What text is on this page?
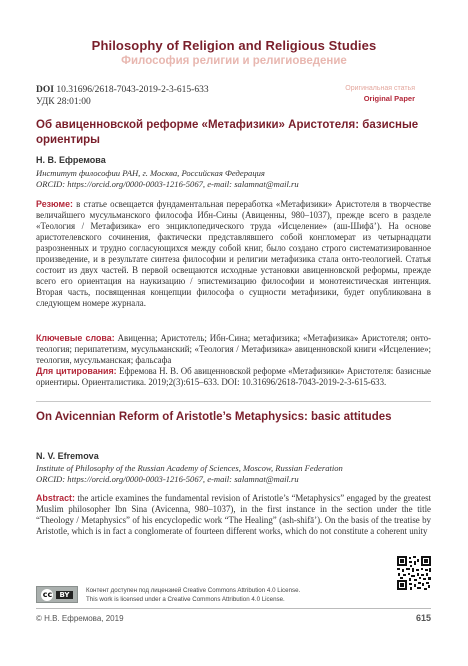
Philosophy of Religion and Religious Studies
Философия религии и религиоведение
DOI 10.31696/2618-7043-2019-2-3-615-633
УДК 28:01:00
Оригинальная статья
Original Paper
Об авиценновской реформе «Метафизики» Аристотеля: базисные ориентиры
Н. В. Ефремова
Институт философии РАН, г. Москва, Российская Федерация
ORCID: https://orcid.org/0000-0003-1216-5067, e-mail: salamnat@mail.ru
Резюме: в статье освещается фундаментальная переработка «Метафизики» Аристотеля в творчестве величайшего мусульманского философа Ибн-Сины (Авиценны, 980–1037), прежде всего в разделе «Теология / Метафизика» его энциклопедического труда «Исцеление» (аш-Шифā’). На основе аристотелевского сочинения, фактически представлявшего собой конгломерат из четырнадцати разрозненных и трудно согласующихся между собой книг, было создано строго систематизированное произведение, и в результате синтеза философии и религии метафизика стала онто-теологией. Статья состоит из двух частей. В первой освещаются исходные установки авиценновской реформы, прежде всего его ориентация на наукизацию / эпистемизацию философии и монотеистическая интенция. Вторая часть, посвященная концепции философа о сущности метафизики, будет опубликована в следующем номере журнала.
Ключевые слова: Авиценна; Аристотель; Ибн-Сина; метафизика; «Метафизика» Аристотеля; онто-теология; перипатетизм, мусульманский; «Теология / Метафизика» авиценновской книги «Исцеление»; теология, мусульманская; фальсафа
Для цитирования: Ефремова Н. В. Об авиценновской реформе «Метафизики» Аристотеля: базисные ориентиры. Ориенталистика. 2019;2(3):615–633. DOI: 10.31696/2618-7043-2019-2-3-615-633.
On Avicennian Reform of Aristotle’s Metaphysics: basic attitudes
N. V. Efremova
Institute of Philosophy of the Russian Academy of Sciences, Moscow, Russian Federation
ORCID: https://orcid.org/0000-0003-1216-5067, e-mail: salamnat@mail.ru
Abstract: the article examines the fundamental revision of Aristotle’s “Metaphysics” engaged by the greatest Muslim philosopher Ibn Sina (Avicenna, 980–1037), in the first instance in the section under the title “Theology / Metaphysics” of his encyclopedic work “The Healing” (ash-shifā’). On the basis of the treatise by Aristotle, which is in fact a conglomerate of fourteen different works, which do not constitute a coherent unity
cc	BY	Контент доступен под лицензией Creative Commons Attribution 4.0 License.
This work is licensed under a Creative Commons Attribution 4.0 License.
© Н.В. Ефремова, 2019	615
